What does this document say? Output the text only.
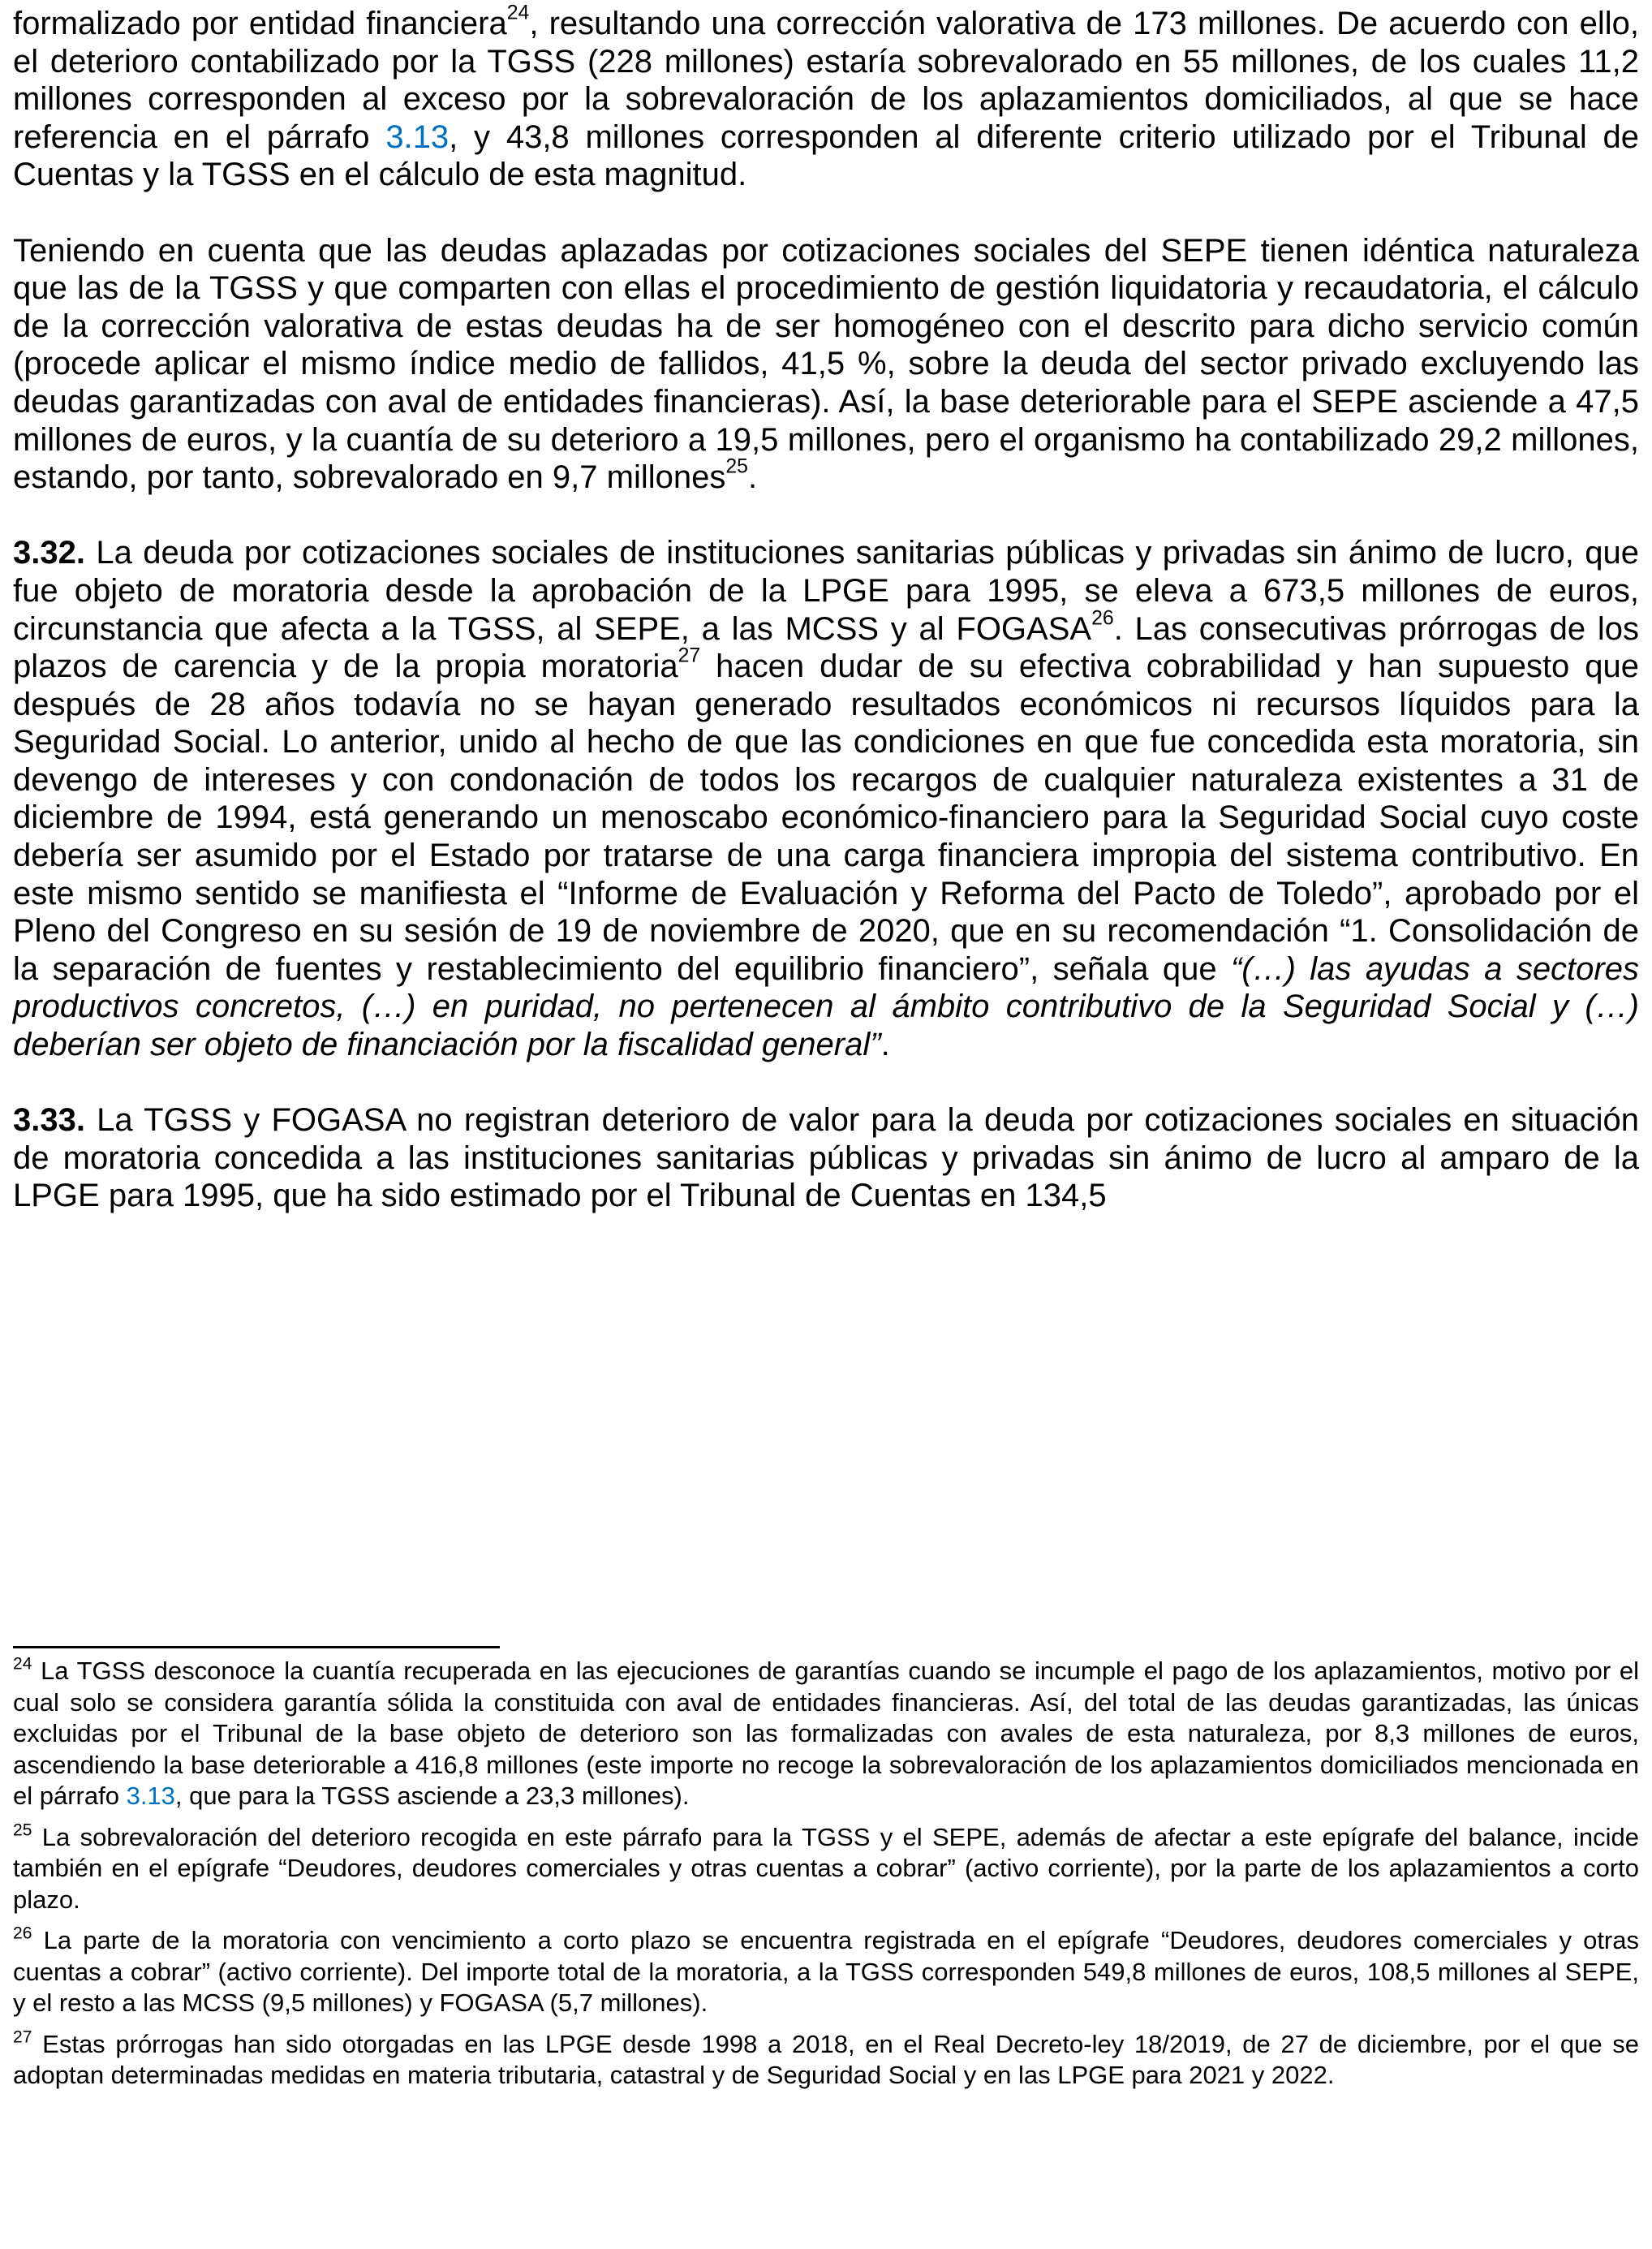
formalizado por entidad financiera$^{24}$, resultando una corrección valorativa de 173 millones. De acuerdo con ello, el deterioro contabilizado por la TGSS (228 millones) estaría sobrevalorado en 55 millones, de los cuales 11,2 millones corresponden al exceso por la sobrevaloración de los aplazamientos domiciliados, al que se hace referencia en el párrafo 3.13, y 43,8 millones corresponden al diferente criterio utilizado por el Tribunal de Cuentas y la TGSS en el cálculo de esta magnitud.

Teniendo en cuenta que las deudas aplazadas por cotizaciones sociales del SEPE tienen idéntica naturaleza que las de la TGSS y que comparten con ellas el procedimiento de gestión liquidatoria y recaudatoria, el cálculo de la corrección valorativa de estas deudas ha de ser homogéneo con el descrito para dicho servicio común (procede aplicar el mismo índice medio de fallidos, 41,5 %, sobre la deuda del sector privado excluyendo las deudas garantizadas con aval de entidades financieras). Así, la base deteriorable para el SEPE asciende a 47,5 millones de euros, y la cuantía de su deterioro a 19,5 millones, pero el organismo ha contabilizado 29,2 millones, estando, por tanto, sobrevalorado en 9,7 millones$^{25}$.

3.32. La deuda por cotizaciones sociales de instituciones sanitarias públicas y privadas sin ánimo de lucro, que fue objeto de moratoria desde la aprobación de la LPGE para 1995, se eleva a 673,5 millones de euros, circunstancia que afecta a la TGSS, al SEPE, a las MCSS y al FOGASA$^{26}$. Las consecutivas prórrogas de los plazos de carencia y de la propia moratoria$^{27}$ hacen dudar de su efectiva cobrabilidad y han supuesto que después de 28 años todavía no se hayan generado resultados económicos ni recursos líquidos para la Seguridad Social. Lo anterior, unido al hecho de que las condiciones en que fue concedida esta moratoria, sin devengo de intereses y con condonación de todos los recargos de cualquier naturaleza existentes a 31 de diciembre de 1994, está generando un menoscabo económico-financiero para la Seguridad Social cuyo coste debería ser asumido por el Estado por tratarse de una carga financiera impropia del sistema contributivo. En este mismo sentido se manifiesta el “Informe de Evaluación y Reforma del Pacto de Toledo”, aprobado por el Pleno del Congreso en su sesión de 19 de noviembre de 2020, que en su recomendación “1. Consolidación de la separación de fuentes y restablecimiento del equilibrio financiero”, señala que “(…) las ayudas a sectores productivos concretos, (…) en puridad, no pertenecen al ámbito contributivo de la Seguridad Social y (…) deberían ser objeto de financiación por la fiscalidad general”.

3.33. La TGSS y FOGASA no registran deterioro de valor para la deuda por cotizaciones sociales en situación de moratoria concedida a las instituciones sanitarias públicas y privadas sin ánimo de lucro al amparo de la LPGE para 1995, que ha sido estimado por el Tribunal de Cuentas en 134,5

$^{24}$ La TGSS desconoce la cuantía recuperada en las ejecuciones de garantías cuando se incumple el pago de los aplazamientos, motivo por el cual solo se considera garantía sólida la constituida con aval de entidades financieras. Así, del total de las deudas garantizadas, las únicas excluidas por el Tribunal de la base objeto de deterioro son las formalizadas con avales de esta naturaleza, por 8,3 millones de euros, ascendiendo la base deteriorable a 416,8 millones (este importe no recoge la sobrevaloración de los aplazamientos domiciliados mencionada en el párrafo 3.13, que para la TGSS asciende a 23,3 millones).

$^{25}$ La sobrevaloración del deterioro recogida en este párrafo para la TGSS y el SEPE, además de afectar a este epígrafe del balance, incide también en el epígrafe “Deudores, deudores comerciales y otras cuentas a cobrar” (activo corriente), por la parte de los aplazamientos a corto plazo.

$^{26}$ La parte de la moratoria con vencimiento a corto plazo se encuentra registrada en el epígrafe “Deudores, deudores comerciales y otras cuentas a cobrar” (activo corriente). Del importe total de la moratoria, a la TGSS corresponden 549,8 millones de euros, 108,5 millones al SEPE, y el resto a las MCSS (9,5 millones) y FOGASA (5,7 millones).

$^{27}$ Estas prórrogas han sido otorgadas en las LPGE desde 1998 a 2018, en el Real Decreto-ley 18/2019, de 27 de diciembre, por el que se adoptan determinadas medidas en materia tributaria, catastral y de Seguridad Social y en las LPGE para 2021 y 2022.
